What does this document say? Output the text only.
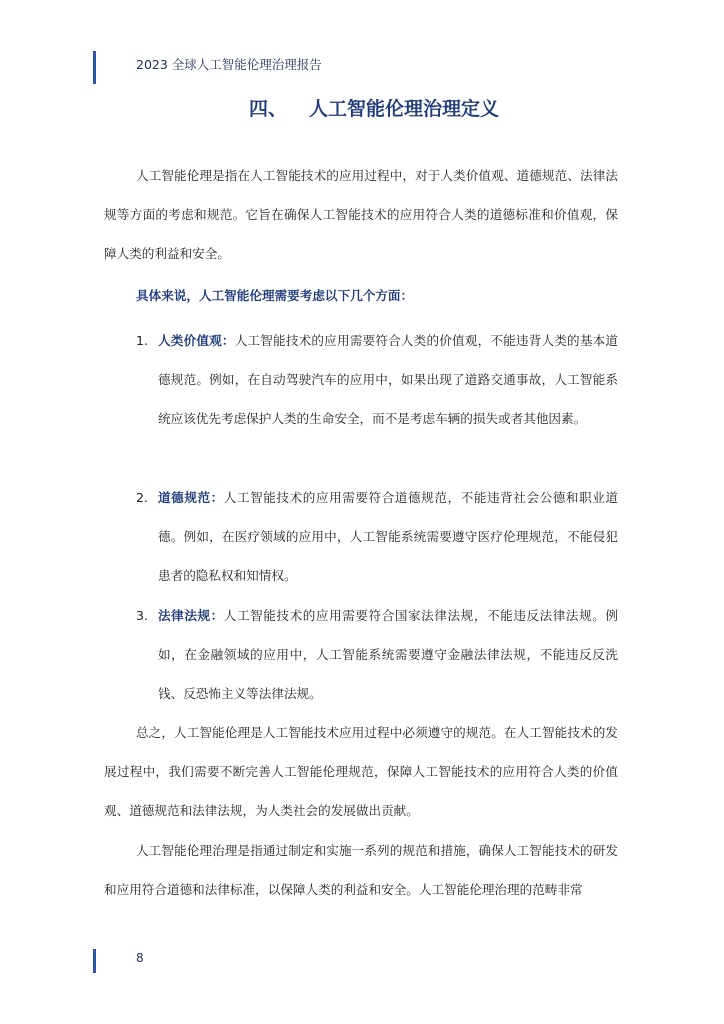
2023 全球人工智能伦理治理报告
四、 人工智能伦理治理定义

人工智能伦理是指在人工智能技术的应用过程中，对于人类价值观、道德规范、法律法规等方面的考虑和规范。它旨在确保人工智能技术的应用符合人类的道德标准和价值观，保障人类的利益和安全。

具体来说，人工智能伦理需要考虑以下几个方面：
1. 人类价值观：人工智能技术的应用需要符合人类的价值观，不能违背人类的基本道德规范。例如，在自动驾驶汽车的应用中，如果出现了道路交通事故，人工智能系统应该优先考虑保护人类的生命安全，而不是考虑车辆的损失或者其他因素。
2. 道德规范：人工智能技术的应用需要符合道德规范，不能违背社会公德和职业道德。例如，在医疗领域的应用中，人工智能系统需要遵守医疗伦理规范，不能侵犯患者的隐私权和知情权。
3. 法律法规：人工智能技术的应用需要符合国家法律法规，不能违反法律法规。例如，在金融领域的应用中，人工智能系统需要遵守金融法律法规，不能违反反洗钱、反恐怖主义等法律法规。

总之，人工智能伦理是人工智能技术应用过程中必须遵守的规范。在人工智能技术的发展过程中，我们需要不断完善人工智能伦理规范，保障人工智能技术的应用符合人类的价值观、道德规范和法律法规，为人类社会的发展做出贡献。

人工智能伦理治理是指通过制定和实施一系列的规范和措施，确保人工智能技术的研发和应用符合道德和法律标准，以保障人类的利益和安全。人工智能伦理治理的范畴非常

8
